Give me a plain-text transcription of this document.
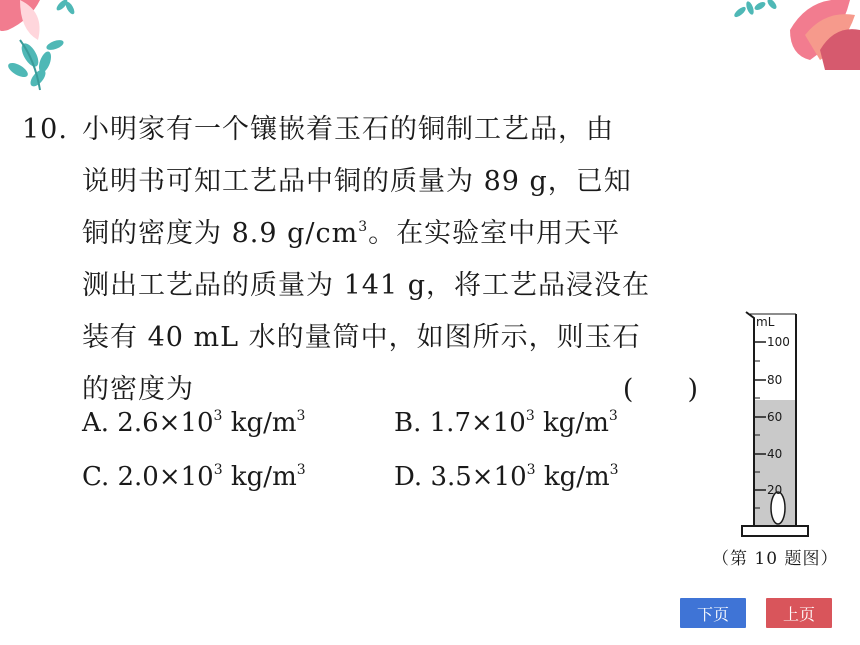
10. 小明家有一个镶嵌着玉石的铜制工艺品，由
说明书可知工艺品中铜的质量为 89 g，已知
铜的密度为 8.9 $g/cm^3$。在实验室中用天平
测出工艺品的质量为 141 g，将工艺品浸没在
装有 40 mL 水的量筒中，如图所示，则玉石
的密度为	(　　)
A. $2.6\times 10^3$ $kg/m^3$	B. $1.7\times 10^3$ $kg/m^3$
C. $2.0\times 10^3$ $kg/m^3$	D. $3.5\times 10^3$ $kg/m^3$
mL
100
80
60
40
20
（第 10 题图）
下页	上页
